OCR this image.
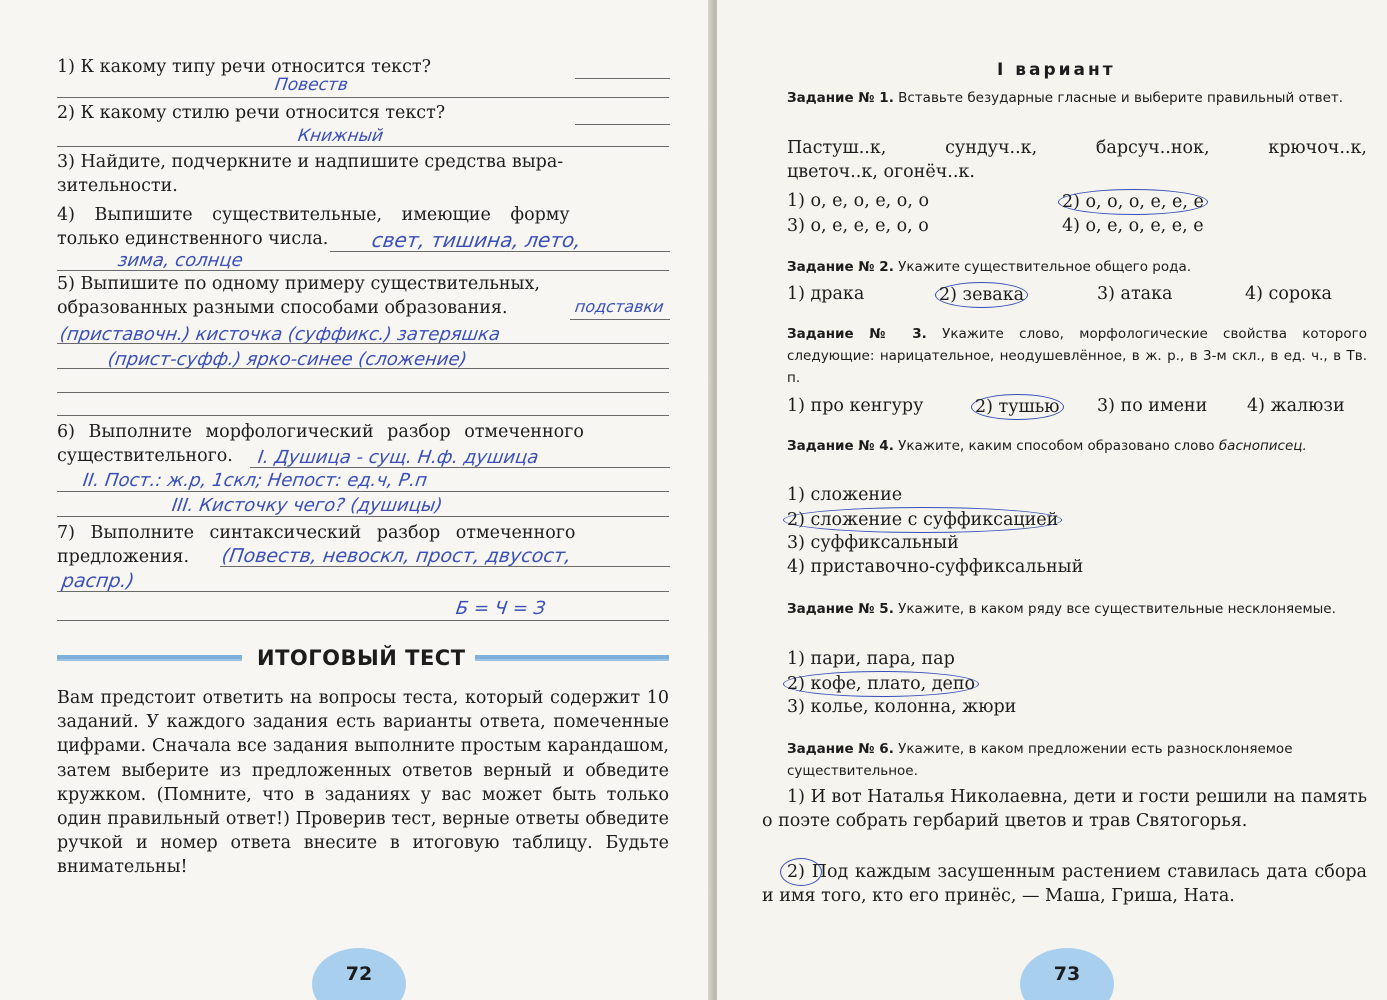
1) К какому типу речи относится текст?
Повеств
2) К какому стилю речи относится текст?
Книжный
3) Найдите, подчеркните и надпишите средства выра-
зительности.
4) Выпишите существительные, имеющие форму
только единственного числа.	свет, тишина, лето,
зима, солнце
5) Выпишите по одному примеру существительных,
образованных разными способами образования.	подставки
(приставочн.) кисточка (суффикс.) затеряшка
(прист-суфф.) ярко-синее (сложение)
6) Выполните морфологический разбор отмеченного
существительного.	I. Душица - сущ. Н.ф. душица
II. Пост.: ж.р, 1скл; Непост: ед.ч, Р.п
III. Кисточку чего? (душицы)
7) Выполните синтаксический разбор отмеченного
предложения.	(Повеств, невоскл, прост, двусост,
распр.)
Б = Ч = З
ИТОГОВЫЙ ТЕСТ
Вам предстоит ответить на вопросы теста, который содержит 10 заданий. У каждого задания есть варианты ответа, помеченные цифрами. Сначала все задания выполните простым карандашом, затем выберите из предложенных ответов верный и обведите кружком. (Помните, что в заданиях у вас может быть только один правильный ответ!) Проверив тест, верные ответы обведите ручкой и номер ответа внесите в итоговую таблицу. Будьте внимательны!
72
I вариант
Задание № 1. Вставьте безударные гласные и выберите правильный ответ.
Пастуш..к,	сундуч..к,	барсуч..нок,	крючоч..к,
цветоч..к, огонёч..к.
1) о, е, о, е, о, о	2) о, о, о, е, е, е
3) о, е, е, е, о, о	4) о, е, о, е, е, е
Задание № 2. Укажите существительное общего рода.
1) драка	2) зевака	3) атака	4) сорока
Задание № 3. Укажите слово, морфологические свойства которого следующие: нарицательное, неодушевлённое, в ж. р., в 3-м скл., в ед. ч., в Тв. п.
1) про кенгуру	2) тушью 3) по имени 4) жалюзи
Задание № 4. Укажите, каким способом образовано слово баснописец.
1) сложение
2) сложение с суффиксацией
3) суффиксальный
4) приставочно-суффиксальный
Задание № 5. Укажите, в каком ряду все существительные несклоняемые.
1) пари, пара, пар
2) кофе, плато, депо
3) колье, колонна, жюри
Задание № 6. Укажите, в каком предложении есть разносклоняемое существительное.
1) И вот Наталья Николаевна, дети и гости решили на память о поэте собрать гербарий цветов и трав Святогорья.
2) Под каждым засушенным растением ставилась дата сбора и имя того, кто его принёс, — Маша, Гриша, Ната.
73
